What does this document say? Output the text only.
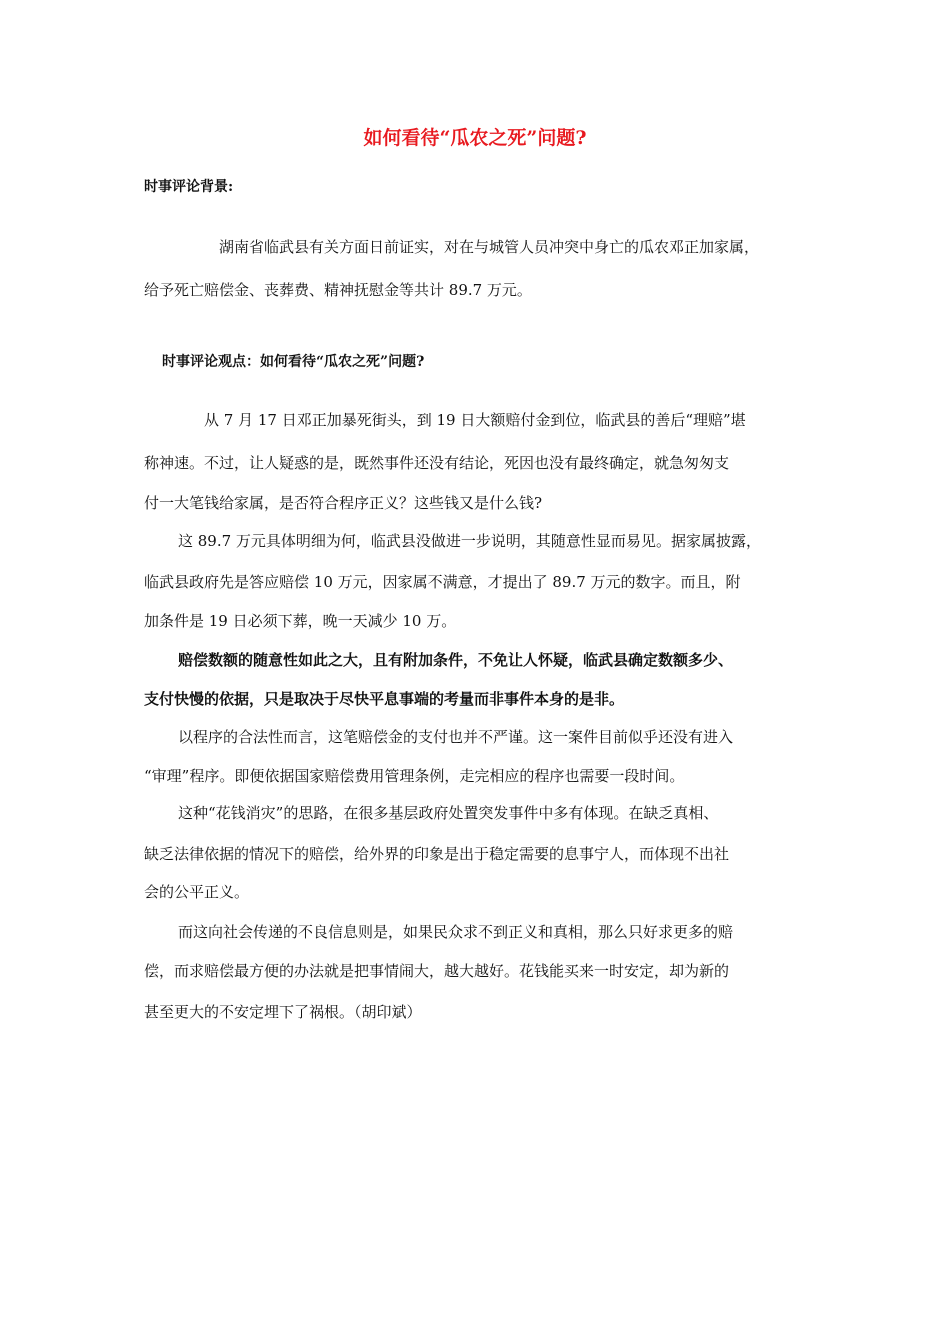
如何看待“瓜农之死”问题?
时事评论背景:
湖南省临武县有关方面日前证实，对在与城管人员冲突中身亡的瓜农邓正加家属，
给予死亡赔偿金、丧葬费、精神抚慰金等共计 89.7 万元。
时事评论观点：如何看待“瓜农之死”问题?
从 7 月 17 日邓正加暴死街头，到 19 日大额赔付金到位，临武县的善后“理赔”堪
称神速。不过，让人疑惑的是，既然事件还没有结论，死因也没有最终确定，就急匆匆支
付一大笔钱给家属，是否符合程序正义？这些钱又是什么钱?
这 89.7 万元具体明细为何，临武县没做进一步说明，其随意性显而易见。据家属披露，
临武县政府先是答应赔偿 10 万元，因家属不满意，才提出了 89.7 万元的数字。而且，附
加条件是 19 日必须下葬，晚一天减少 10 万。
赔偿数额的随意性如此之大，且有附加条件，不免让人怀疑，临武县确定数额多少、
支付快慢的依据，只是取决于尽快平息事端的考量而非事件本身的是非。
以程序的合法性而言，这笔赔偿金的支付也并不严谨。这一案件目前似乎还没有进入
“审理”程序。即便依据国家赔偿费用管理条例，走完相应的程序也需要一段时间。
这种“花钱消灾”的思路，在很多基层政府处置突发事件中多有体现。在缺乏真相、
缺乏法律依据的情况下的赔偿，给外界的印象是出于稳定需要的息事宁人，而体现不出社
会的公平正义。
而这向社会传递的不良信息则是，如果民众求不到正义和真相，那么只好求更多的赔
偿，而求赔偿最方便的办法就是把事情闹大，越大越好。花钱能买来一时安定，却为新的
甚至更大的不安定埋下了祸根。（胡印斌）
